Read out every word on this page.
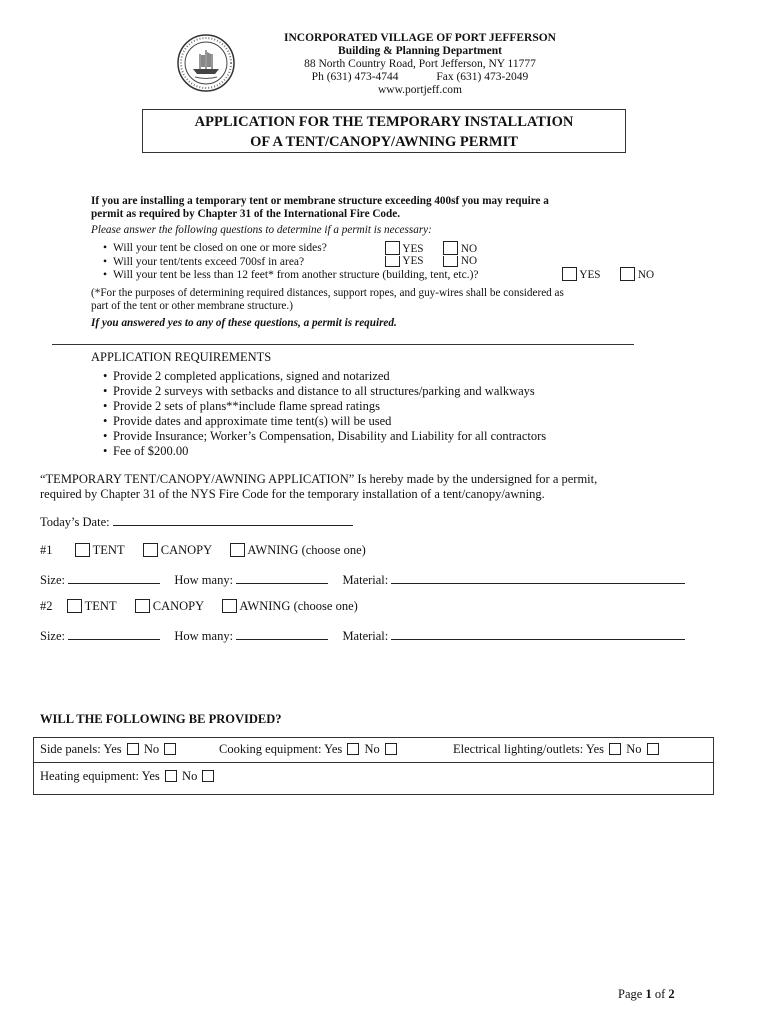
INCORPORATED VILLAGE OF PORT JEFFERSON
Building & Planning Department
88 North Country Road, Port Jefferson, NY 11777
Ph (631) 473-4744	Fax (631) 473-2049
www.portjeff.com
APPLICATION FOR THE TEMPORARY INSTALLATION
OF A TENT/CANOPY/AWNING PERMIT
If you are installing a temporary tent or membrane structure exceeding 400sf you may require a
permit as required by Chapter 31 of the International Fire Code.
Please answer the following questions to determine if a permit is necessary:
• Will your tent be closed on one or more sides?	YES	NO
• Will your tent/tents exceed 700sf in area?	YES	NO
• Will your tent be less than 12 feet* from another structure (building, tent, etc.)?	YES	NO
(*For the purposes of determining required distances, support ropes, and guy-wires shall be considered as
part of the tent or other membrane structure.)
If you answered yes to any of these questions, a permit is required.
APPLICATION REQUIREMENTS
• Provide 2 completed applications, signed and notarized
• Provide 2 surveys with setbacks and distance to all structures/parking and walkways
• Provide 2 sets of plans**include flame spread ratings
• Provide dates and approximate time tent(s) will be used
• Provide Insurance; Worker’s Compensation, Disability and Liability for all contractors
• Fee of $200.00
“TEMPORARY TENT/CANOPY/AWNING APPLICATION” Is hereby made by the undersigned for a permit,
required by Chapter 31 of the NYS Fire Code for the temporary installation of a tent/canopy/awning.
Today’s Date:
#1	TENT	CANOPY	AWNING (choose one)
Size:	How many:	Material:
#2	TENT	CANOPY	AWNING (choose one)
Size:	How many:	Material:
WILL THE FOLLOWING BE PROVIDED?
Side panels: Yes No	Cooking equipment: Yes No	Electrical lighting/outlets: Yes No
Heating equipment: Yes No
Page 1 of 2
